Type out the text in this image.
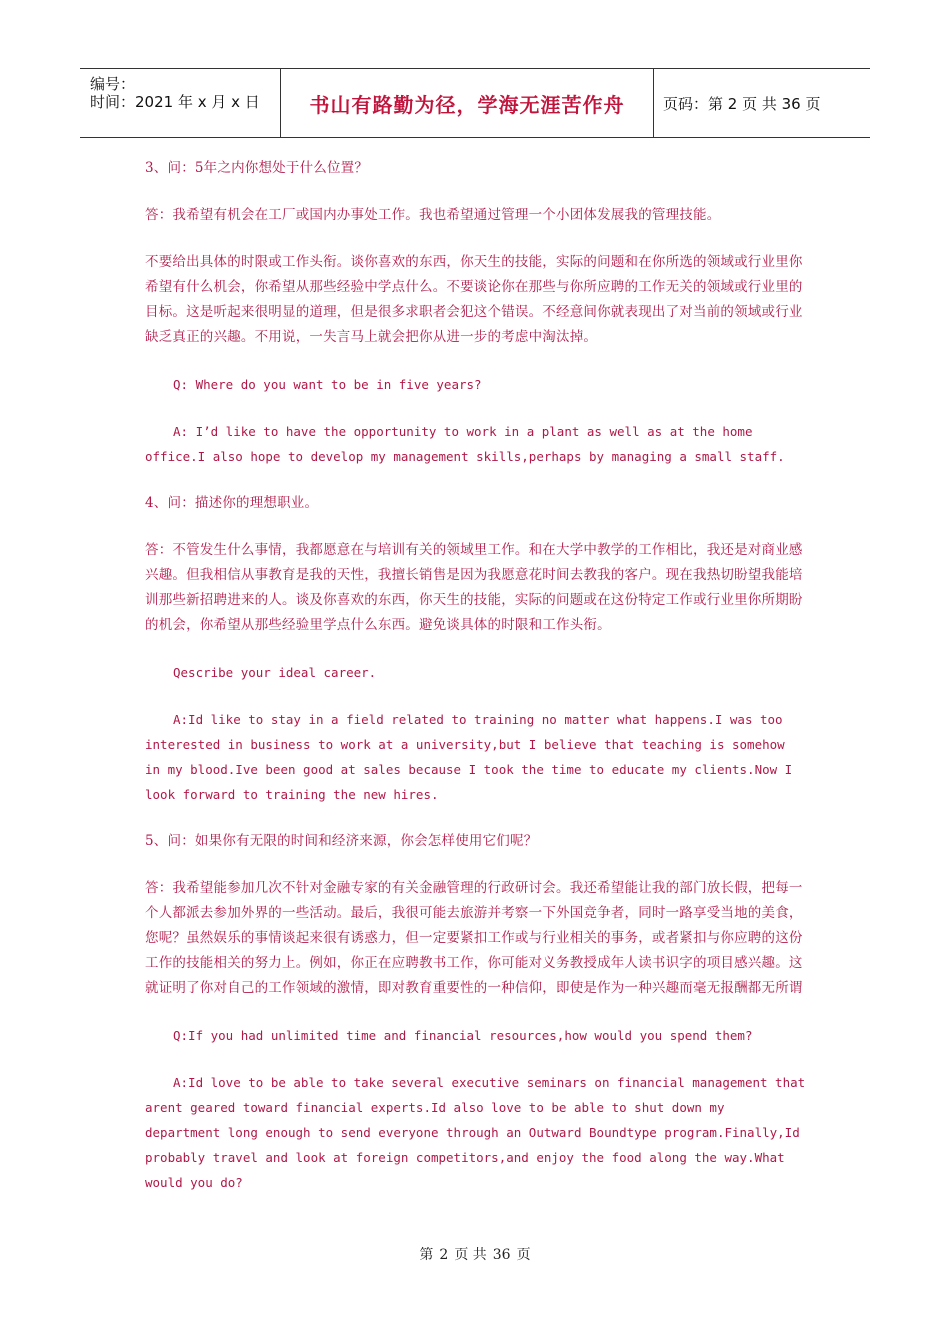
编号：
时间：2021 年 x 月 x 日	书山有路勤为径，学海无涯苦作舟	页码：第 2 页 共 36 页

3、问：5年之内你想处于什么位置？

答：我希望有机会在工厂或国内办事处工作。我也希望通过管理一个小团体发展我的管理技能。

不要给出具体的时限或工作头衔。谈你喜欢的东西，你天生的技能，实际的问题和在你所选的领域或行业里你希望有什么机会，你希望从那些经验中学点什么。不要谈论你在那些与你所应聘的工作无关的领域或行业里的目标。这是听起来很明显的道理，但是很多求职者会犯这个错误。不经意间你就表现出了对当前的领域或行业缺乏真正的兴趣。不用说，一失言马上就会把你从进一步的考虑中淘汰掉。

Q: Where do you want to be in five years?

A: I’d like to have the opportunity to work in a plant as well as at the home office.I also hope to develop my management skills,perhaps by managing a small staff.

4、问：描述你的理想职业。

答：不管发生什么事情，我都愿意在与培训有关的领域里工作。和在大学中教学的工作相比，我还是对商业感兴趣。但我相信从事教育是我的天性，我擅长销售是因为我愿意花时间去教我的客户。现在我热切盼望我能培训那些新招聘进来的人。谈及你喜欢的东西，你天生的技能，实际的问题或在这份特定工作或行业里你所期盼的机会，你希望从那些经验里学点什么东西。避免谈具体的时限和工作头衔。

Qescribe your ideal career.

A:Id like to stay in a field related to training no matter what happens.I was too interested in business to work at a university,but I believe that teaching is somehow in my blood.Ive been good at sales because I took the time to educate my clients.Now I look forward to training the new hires.

5、问：如果你有无限的时间和经济来源，你会怎样使用它们呢？

答：我希望能参加几次不针对金融专家的有关金融管理的行政研讨会。我还希望能让我的部门放长假，把每一个人都派去参加外界的一些活动。最后，我很可能去旅游并考察一下外国竞争者，同时一路享受当地的美食，您呢？虽然娱乐的事情谈起来很有诱惑力，但一定要紧扣工作或与行业相关的事务，或者紧扣与你应聘的这份工作的技能相关的努力上。例如，你正在应聘教书工作，你可能对义务教授成年人读书识字的项目感兴趣。这就证明了你对自己的工作领域的激情，即对教育重要性的一种信仰，即使是作为一种兴趣而毫无报酬都无所谓

Q:If you had unlimited time and financial resources,how would you spend them?

A:Id love to be able to take several executive seminars on financial management that arent geared toward financial experts.Id also love to be able to shut down my department long enough to send everyone through an Outward Boundtype program.Finally,Id probably travel and look at foreign competitors,and enjoy the food along the way.What would you do?

第 2 页 共 36 页
